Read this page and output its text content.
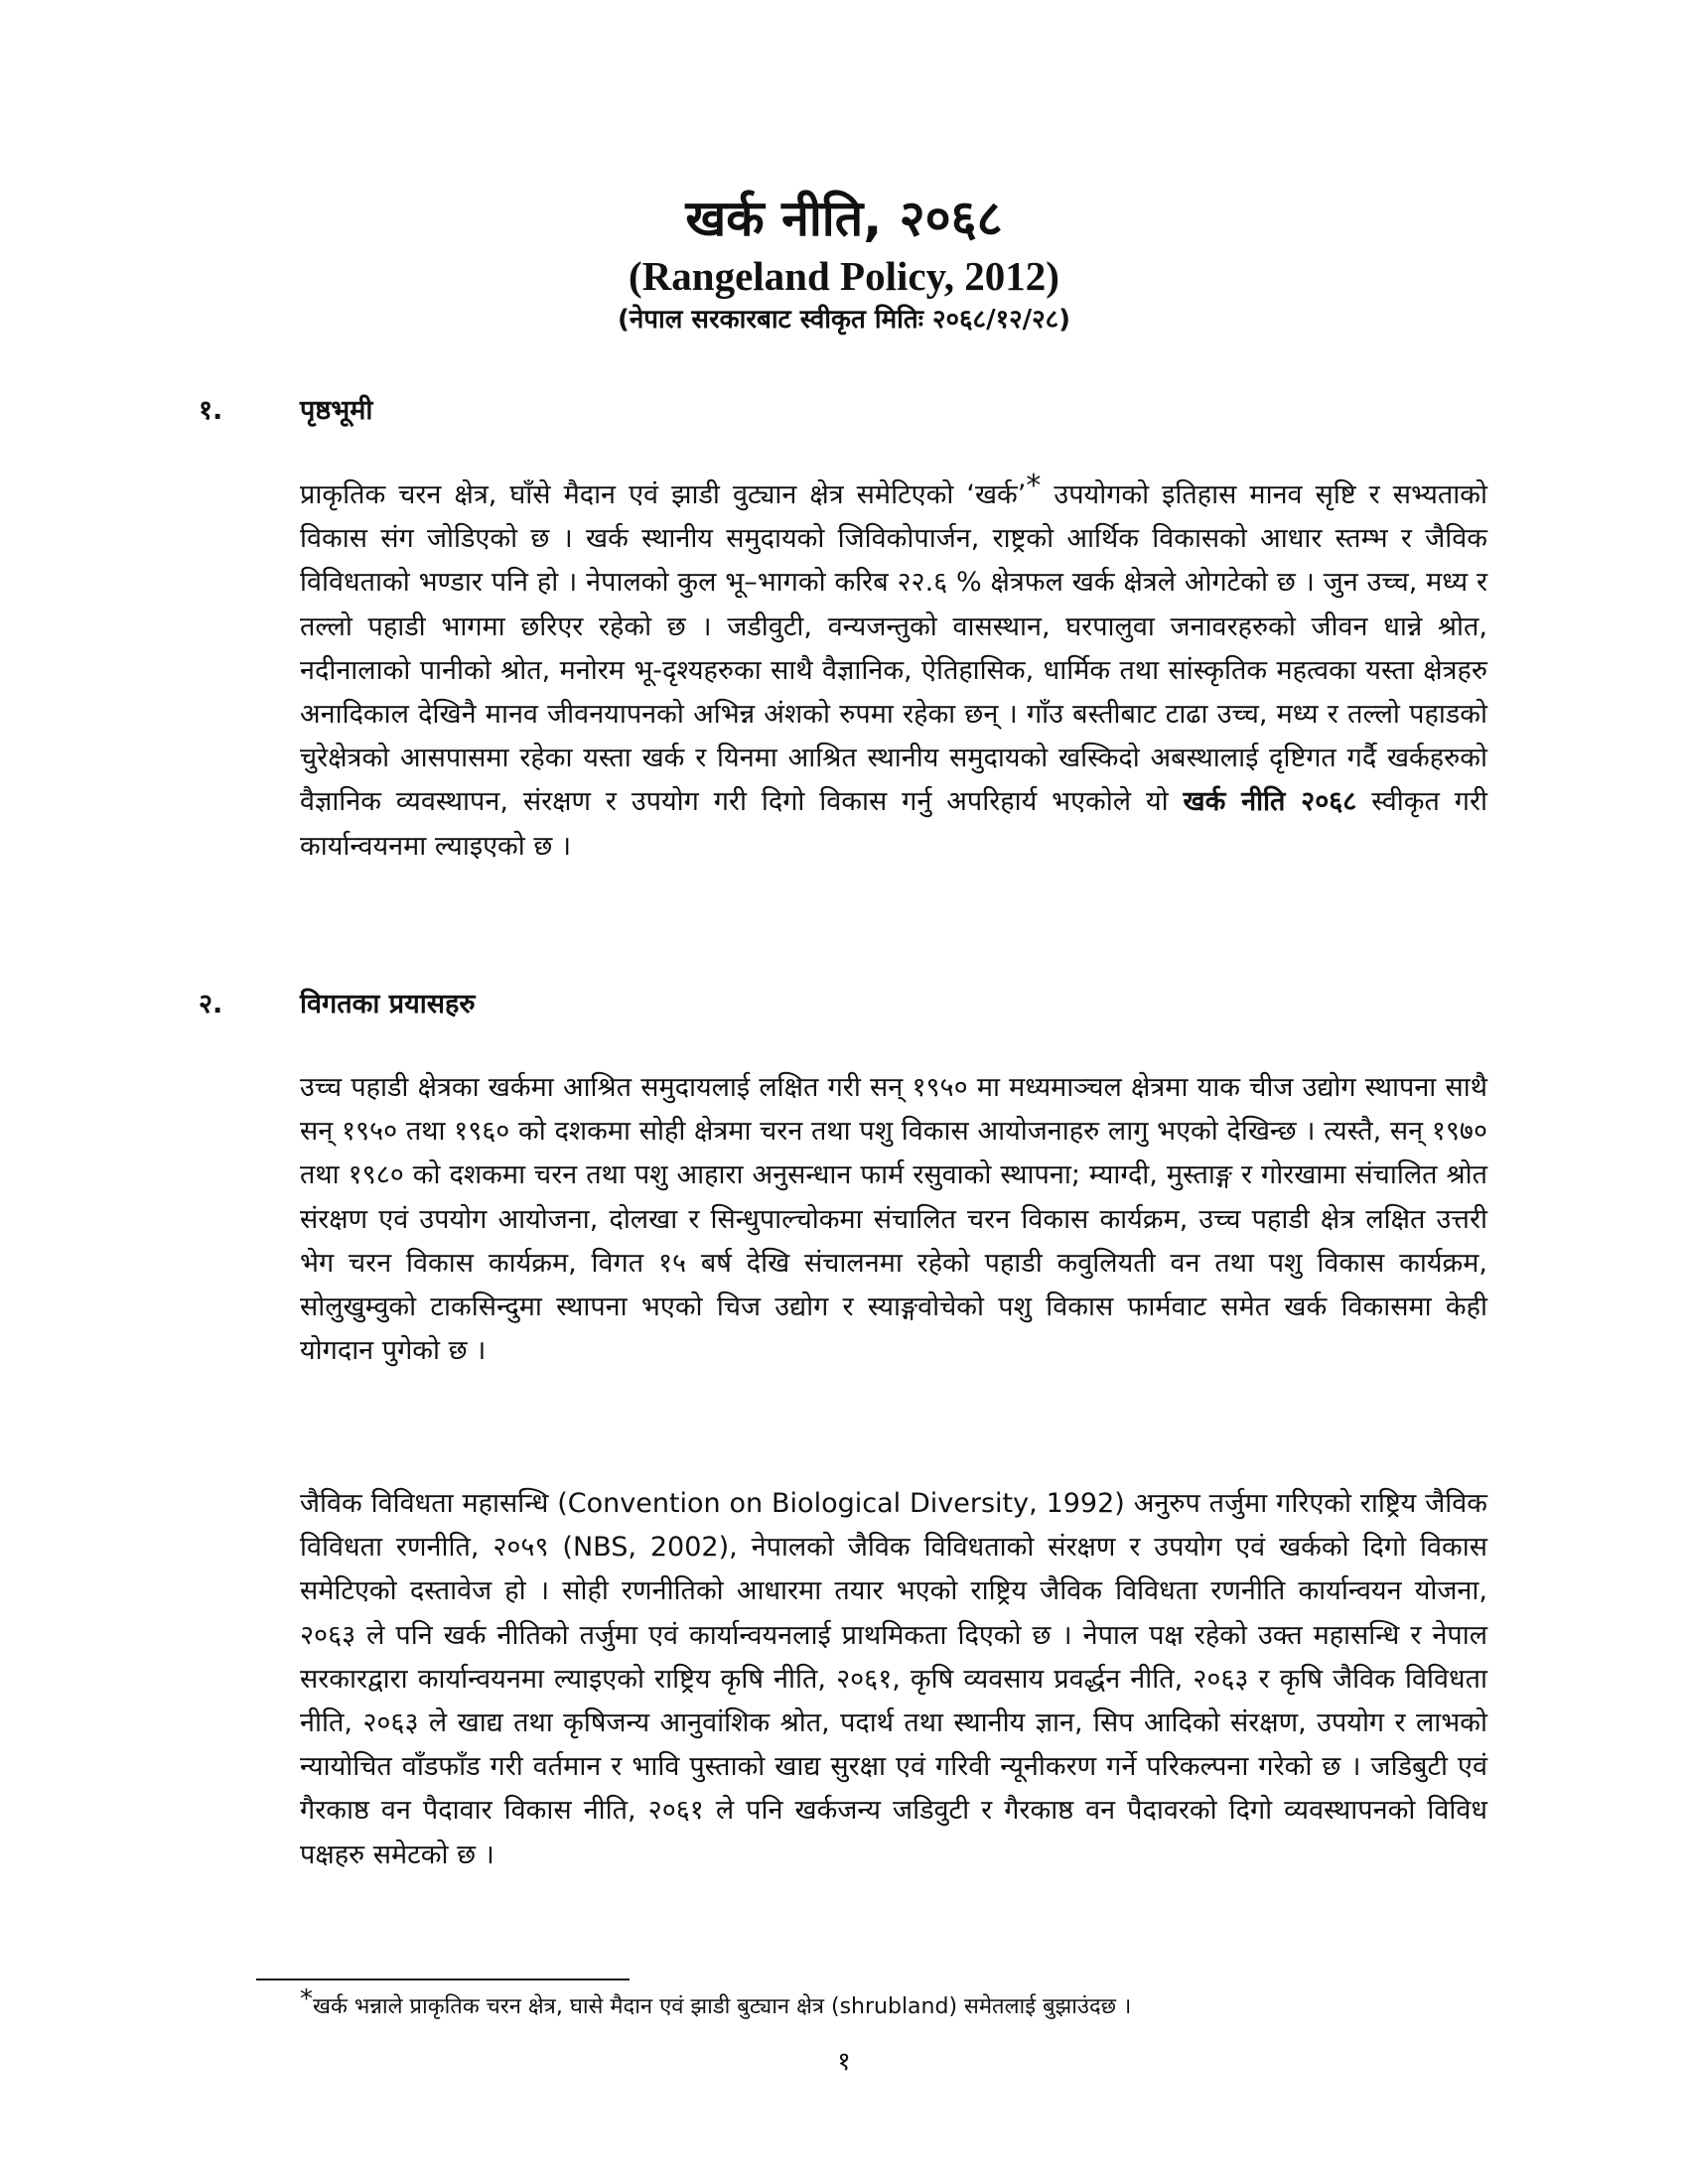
खर्क नीति, २०६८
(Rangeland Policy, 2012)
(नेपाल सरकारबाट स्वीकृत मितिः २०६८/१२/२८)
१.	पृष्ठभूमी

प्राकृतिक चरन क्षेत्र, घाँसे मैदान एवं झाडी वुट्यान क्षेत्र समेटिएको ‘खर्क’* उपयोगको इतिहास मानव सृष्टि र सभ्यताको विकास संग जोडिएको छ । खर्क स्थानीय समुदायको जिविकोपार्जन, राष्ट्रको आर्थिक विकासको आधार स्तम्भ र जैविक विविधताको भण्डार पनि हो । नेपालको कुल भू–भागको करिब २२.६ % क्षेत्रफल खर्क क्षेत्रले ओगटेको छ । जुन उच्च, मध्य र तल्लो पहाडी भागमा छरिएर रहेको छ । जडीवुटी, वन्यजन्तुको वासस्थान, घरपालुवा जनावरहरुको जीवन धान्ने श्रोत, नदीनालाको पानीको श्रोत, मनोरम भू-दृश्यहरुका साथै वैज्ञानिक, ऐतिहासिक, धार्मिक तथा सांस्कृतिक महत्वका यस्ता क्षेत्रहरु अनादिकाल देखिनै मानव जीवनयापनको अभिन्न अंशको रुपमा रहेका छन् । गाँउ बस्तीबाट टाढा उच्च, मध्य र तल्लो पहाडको चुरेक्षेत्रको आसपासमा रहेका यस्ता खर्क र यिनमा आश्रित स्थानीय समुदायको खस्किदो अबस्थालाई दृष्टिगत गर्दै खर्कहरुको वैज्ञानिक व्यवस्थापन, संरक्षण र उपयोग गरी दिगो विकास गर्नु अपरिहार्य भएकोले यो खर्क नीति २०६८ स्वीकृत गरी कार्यान्वयनमा ल्याइएको छ ।

२.	विगतका प्रयासहरु

उच्च पहाडी क्षेत्रका खर्कमा आश्रित समुदायलाई लक्षित गरी सन् १९५० मा मध्यमाञ्चल क्षेत्रमा याक चीज उद्योग स्थापना साथै सन् १९५० तथा १९६० को दशकमा सोही क्षेत्रमा चरन तथा पशु विकास आयोजनाहरु लागु भएको देखिन्छ । त्यस्तै, सन् १९७० तथा १९८० को दशकमा चरन तथा पशु आहारा अनुसन्धान फार्म रसुवाको स्थापना; म्याग्दी, मुस्ताङ्ग र गोरखामा संचालित श्रोत संरक्षण एवं उपयोग आयोजना, दोलखा र सिन्धुपाल्चोकमा संचालित चरन विकास कार्यक्रम, उच्च पहाडी क्षेत्र लक्षित उत्तरी भेग चरन विकास कार्यक्रम, विगत १५ बर्ष देखि संचालनमा रहेको पहाडी कवुलियती वन तथा पशु विकास कार्यक्रम, सोलुखुम्वुको टाकसिन्दुमा स्थापना भएको चिज उद्योग र स्याङ्गवोचेको पशु विकास फार्मवाट समेत खर्क विकासमा केही योगदान पुगेको छ ।

जैविक विविधता महासन्धि (Convention on Biological Diversity, 1992) अनुरुप तर्जुमा गरिएको राष्ट्रिय जैविक विविधता रणनीति, २०५९ (NBS, 2002), नेपालको जैविक विविधताको संरक्षण र उपयोग एवं खर्कको दिगो विकास समेटिएको दस्तावेज हो । सोही रणनीतिको आधारमा तयार भएको राष्ट्रिय जैविक विविधता रणनीति कार्यान्वयन योजना, २०६३ ले पनि खर्क नीतिको तर्जुमा एवं कार्यान्वयनलाई प्राथमिकता दिएको छ । नेपाल पक्ष रहेको उक्त महासन्धि र नेपाल सरकारद्वारा कार्यान्वयनमा ल्याइएको राष्ट्रिय कृषि नीति, २०६१, कृषि व्यवसाय प्रवर्द्धन नीति, २०६३ र कृषि जैविक विविधता नीति, २०६३ ले खाद्य तथा कृषिजन्य आनुवांशिक श्रोत, पदार्थ तथा स्थानीय ज्ञान, सिप आदिको संरक्षण, उपयोग र लाभको न्यायोचित वाँडफाँड गरी वर्तमान र भावि पुस्ताको खाद्य सुरक्षा एवं गरिवी न्यूनीकरण गर्ने परिकल्पना गरेको छ । जडिबुटी एवं गैरकाष्ठ वन पैदावार विकास नीति, २०६१ ले पनि खर्कजन्य जडिवुटी र गैरकाष्ठ वन पैदावरको दिगो व्यवस्थापनको विविध पक्षहरु समेटको छ ।

*खर्क भन्नाले प्राकृतिक चरन क्षेत्र, घासे मैदान एवं झाडी बुट्यान क्षेत्र (shrubland) समेतलाई बुझाउंदछ ।
१
